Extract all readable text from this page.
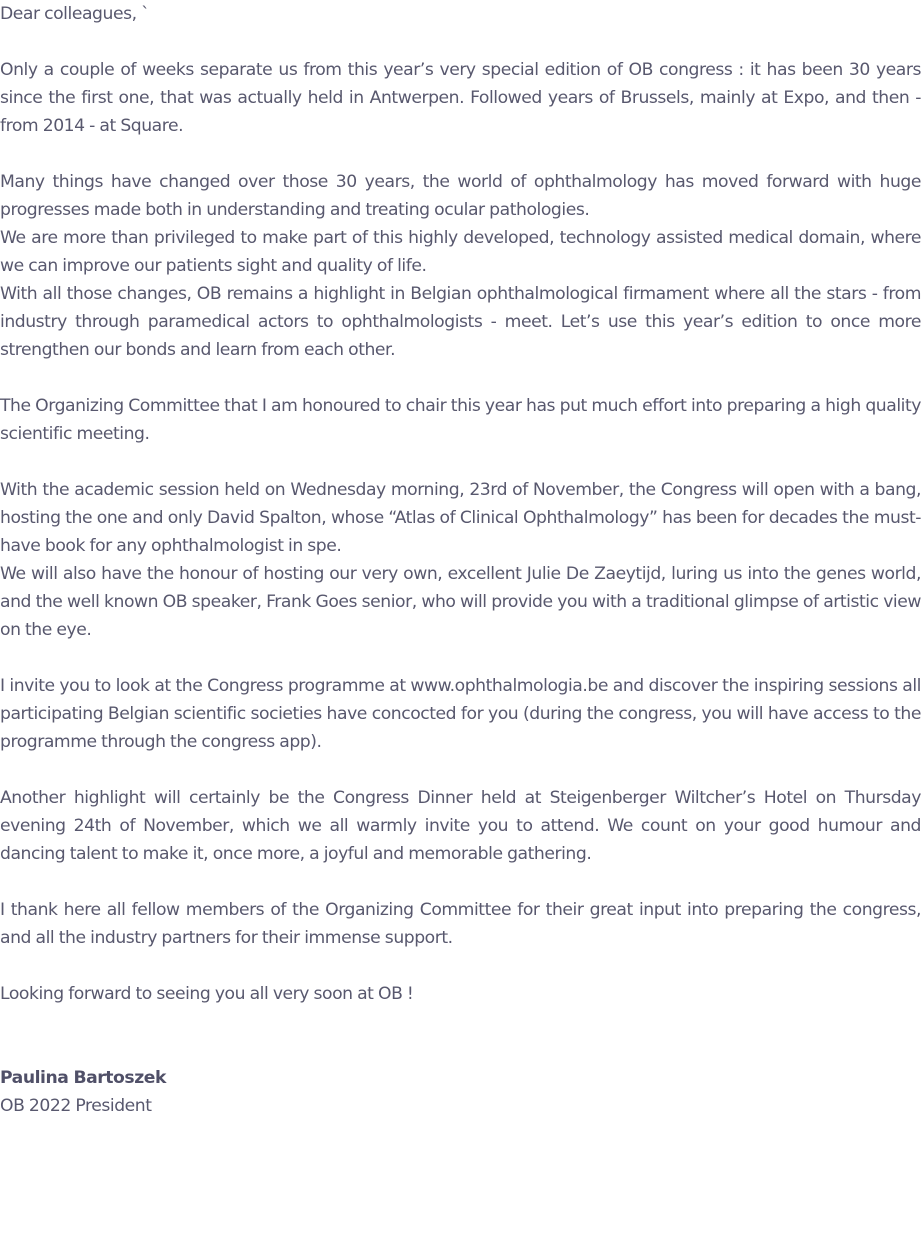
Dear colleagues, `

Only a couple of weeks separate us from this year’s very special edition of OB congress : it has been 30 years since the first one, that was actually held in Antwerpen. Followed years of Brussels, mainly at Expo, and then - from 2014 - at Square.

Many things have changed over those 30 years, the world of ophthalmology has moved forward with huge progresses made both in understanding and treating ocular pathologies.

We are more than privileged to make part of this highly developed, technology assisted medical domain, where we can improve our patients sight and quality of life.

With all those changes, OB remains a highlight in Belgian ophthalmological firmament where all the stars - from industry through paramedical actors to ophthalmologists - meet. Let’s use this year’s edition to once more strengthen our bonds and learn from each other.

The Organizing Committee that I am honoured to chair this year has put much effort into preparing a high quality scientific meeting.

With the academic session held on Wednesday morning, 23rd of November, the Congress will open with a bang, hosting the one and only David Spalton, whose “Atlas of Clinical Ophthalmology” has been for decades the must-have book for any ophthalmologist in spe.

We will also have the honour of hosting our very own, excellent Julie De Zaeytijd, luring us into the genes world, and the well known OB speaker, Frank Goes senior, who will provide you with a traditional glimpse of artistic view on the eye.

I invite you to look at the Congress programme at www.ophthalmologia.be and discover the inspiring sessions all participating Belgian scientific societies have concocted for you (during the congress, you will have access to the programme through the congress app).

Another highlight will certainly be the Congress Dinner held at Steigenberger Wiltcher’s Hotel on Thursday evening 24th of November, which we all warmly invite you to attend. We count on your good humour and dancing talent to make it, once more, a joyful and memorable gathering.

I thank here all fellow members of the Organizing Committee for their great input into preparing the congress, and all the industry partners for their immense support.

Looking forward to seeing you all very soon at OB !

Paulina Bartoszek

OB 2022 President
